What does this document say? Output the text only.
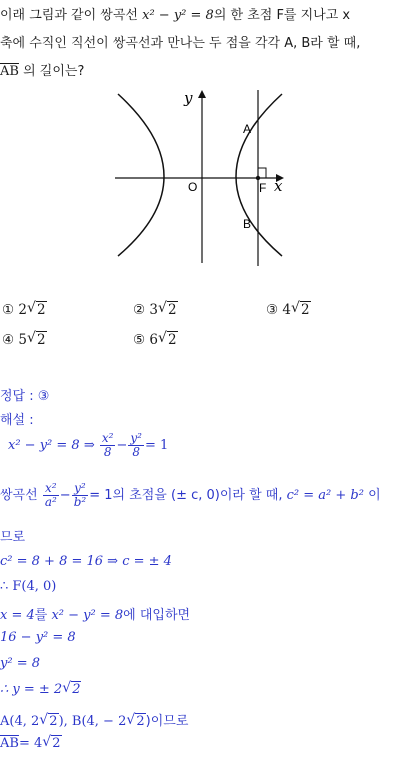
이래 그림과 같이 쌍곡선 x² − y² = 8의 한 초점 F를 지나고 x
축에 수직인 직선이 쌍곡선과 만나는 두 점을 각각 A, B라 할 때,
$\overline{AB}$ 의 길이는?
y
x
O	F
A
B
① 2 √ 2	② 3 √ 2	③ 4 √ 2
④ 5 √ 2	⑤ 6 √ 2
정답 : ③
해설 :
x² − y² = 8 ⇒ $\frac{\text{x²}}{8} - \frac{\text{y²}}{8} = 1$
쌍곡선 $\frac{\text{x²}}{\text{a²}} - \frac{\text{y²}}{\text{b²}} = 1$의 초점을 (± c, 0)이라 할 때, c² = a² + b² 이
므로
c² = 8 + 8 = 16 ⇒ c = ± 4
∴ F(4, 0)
x = 4를 x² − y² = 8에 대입하면
16 − y² = 8
y² = 8
∴ y = ± 2 √ 2
A(4, 2 √ 2), B(4, − 2 √ 2)이므로
$\overline{AB}= 4$ √ 2
